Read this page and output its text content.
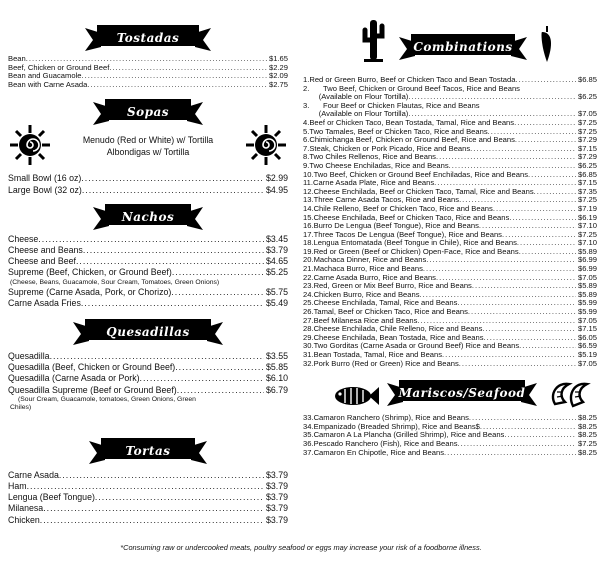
Tostadas
Bean .....	$1.65
Beef, Chicken or Ground Beef .....	$2.29
Bean and Guacamole .....	$2.09
Bean with Carne Asada .....	$2.75
Sopas
Menudo (Red or White) w/ Tortilla
Albondigas w/ Tortilla
Small Bowl (16 oz) .....	$2.99
Large Bowl (32 oz) .....	$4.95
Nachos
Cheese .....	$3.45
Cheese and Beans .....	$3.79
Cheese and Beef .....	$4.65
Supreme (Beef, Chicken, or Ground Beef) .....	$5.25
(Cheese, Beans, Guacamole, Sour Cream, Tomatoes, Green Onions)
Supreme (Carne Asada, Pork, or Chorizo) .....	$5.75
Carne Asada Fries .....	$5.49
Quesadillas
Quesadilla .....	$3.55
Quesadilla (Beef, Chicken or Ground Beef) .....	$5.85
Quesadilla (Carne Asada or Pork) .....	$6.10
Quesadilla Supreme (Beef or Ground Beef) .....	$6.79
(Sour Cream, Guacamole, tomatoes, Green Onions, Green
Chiles)
Tortas
Carne Asada .....	$3.79
Ham .....	$3.79
Lengua (Beef Tongue) .....	$3.79
Milanesa .....	$3.79
Chicken .....	$3.79
Combinations
1. Red or Green Burro, Beef or Chicken Taco and Bean Tostada .....	$6.85
2.	Two Beef, Chicken or Ground Beef Tacos, Rice and Beans
(Available on Flour Tortilla) .....	$6.25
3.	Four Beef or Chicken Flautas, Rice and Beans
(Available on Flour Tortilla) .....	$7.05
4. Beef or Chicken Taco, Bean Tostada, Tamal, Rice and Beans .....	$7.25
5. Two Tamales, Beef or Chicken Taco, Rice and Beans .....	$7.25
6. Chimichanga Beef, Chicken or Ground Beef, Rice and Beans .....	$7.29
7. Steak, Chicken or Pork Picado, Rice and Beans .....	$7.15
8. Two Chiles Rellenos, Rice and Beans .....	$7.29
9. Two Cheese Enchiladas, Rice and Beans .....	$6.25
10. Two Beef, Chicken or Ground Beef Enchiladas, Rice and Beans .....	$6.85
11. Carne Asada Plate, Rice and Beans .....	$7.15
12. Cheese Enchilada, Beef or Chicken Taco, Tamal, Rice and Beans .....	$7.35
13. Three Carne Asada Tacos, Rice and Beans .....	$7.25
14. Chile Relleno, Beef or Chicken Taco, Rice and Beans .....	$7.19
15. Cheese Enchilada, Beef or Chicken Taco, Rice and Beans .....	$6.19
16. Burro De Lengua (Beef Tongue), Rice and Beans .....	$7.10
17. Three Tacos De Lengua (Beef Tongue), Rice and Beans .....	$7.25
18. Lengua Entomatada (Beef Tongue in Chile), Rice and Beans .....	$7.10
19. Red or Green (Beef or Chicken) Open-Face, Rice and Beans .....	$5.89
20. Machaca Dinner, Rice and Beans .....	$6.99
21. Machaca Burro, Rice and Beans .....	$6.99
22. Carne Asada Burro, Rice and Beans .....	$7.05
23. Red, Green or Mix Beef Burro, Rice and Beans .....	$5.89
24. Chicken Burro, Rice and Beans .....	$5.89
25. Cheese Enchilada, Tamal, Rice and Beans .....	$5.99
26. Tamal, Beef or Chicken Taco, Rice and Beans .....	$5.99
27. Beef Milanesa Rice and Beans .....	$7.05
28. Cheese Enchilada, Chile Relleno, Rice and Beans .....	$7.15
29. Cheese Enchilada, Bean Tostada, Rice and Beans .....	$6.05
30. Two Gorditas (Carne Asada or Ground Beef) Rice and Beans .....	$6.59
31. Bean Tostada, Tamal, Rice and Beans .....	$5.19
32. Pork Burro (Red or Green) Rice and Beans .....	$7.05
Mariscos/Seafood
33. Camaron Ranchero (Shrimp), Rice and Beans .....	$8.25
34. Empanizado (Breaded Shrimp), Rice and Beans$ .....	$8.25
35. Camaron A La Plancha (Grilled Shrimp), Rice and Beans .....	$8.25
36. Pescado Ranchero (Fish), Rice and Beans .....	$7.25
37. Camaron En Chipotle, Rice and Beans .....	$8.25
*Consuming raw or undercooked meats, poultry seafood or eggs may increase your risk of a foodborne illness.
